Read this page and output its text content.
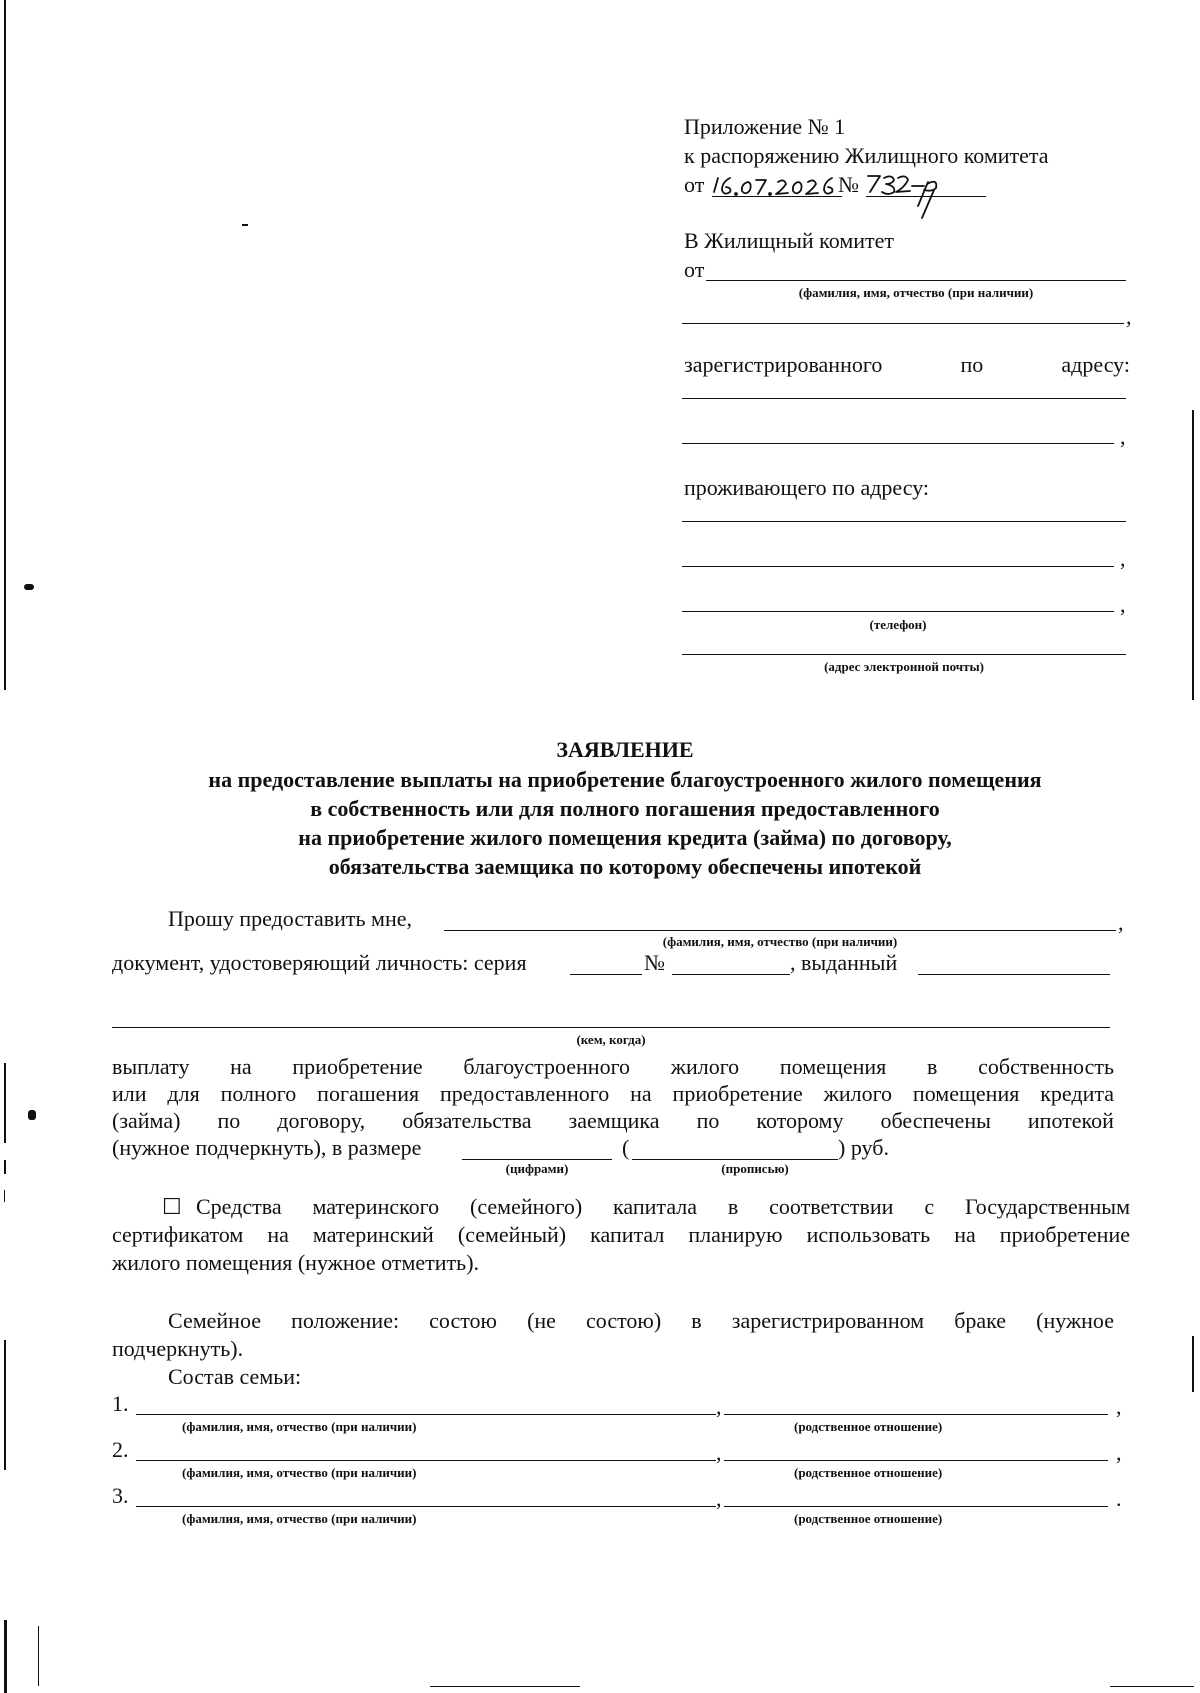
Приложение № 1
к распоряжению Жилищного комитета
от	№
В Жилищный комитет
от
(фамилия, имя, отчество (при наличии)
,
зарегистрированного	по	адресу:
,
проживающего по адресу:
,
,
(телефон)
(адрес электронной почты)
ЗАЯВЛЕНИЕ
на предоставление выплаты на приобретение благоустроенного жилого помещения
в собственность или для полного погашения предоставленного
на приобретение жилого помещения кредита (займа) по договору,
обязательства заемщика по которому обеспечены ипотекой
Прошу предоставить мне,	,
(фамилия, имя, отчество (при наличии)
документ, удостоверяющий личность: серия	№	, выданный
(кем, когда)
выплату на приобретение благоустроенного жилого помещения в собственность
или для полного погашения предоставленного на приобретение жилого помещения кредита
(займа) по договору, обязательства заемщика по которому обеспечены ипотекой
(нужное подчеркнуть), в размере	(	) руб.
(цифрами)	(прописью)
☐ Средства материнского (семейного) капитала в соответствии с Государственным
сертификатом на материнский (семейный) капитал планирую использовать на приобретение
жилого помещения (нужное отметить).
Семейное положение: состою (не состою) в зарегистрированном браке (нужное
подчеркнуть).
Состав семьи:
1.	,	,
(фамилия, имя, отчество (при наличии)	(родственное отношение)
2.	,	,
(фамилия, имя, отчество (при наличии)	(родственное отношение)
3.	,	.
(фамилия, имя, отчество (при наличии)	(родственное отношение)
